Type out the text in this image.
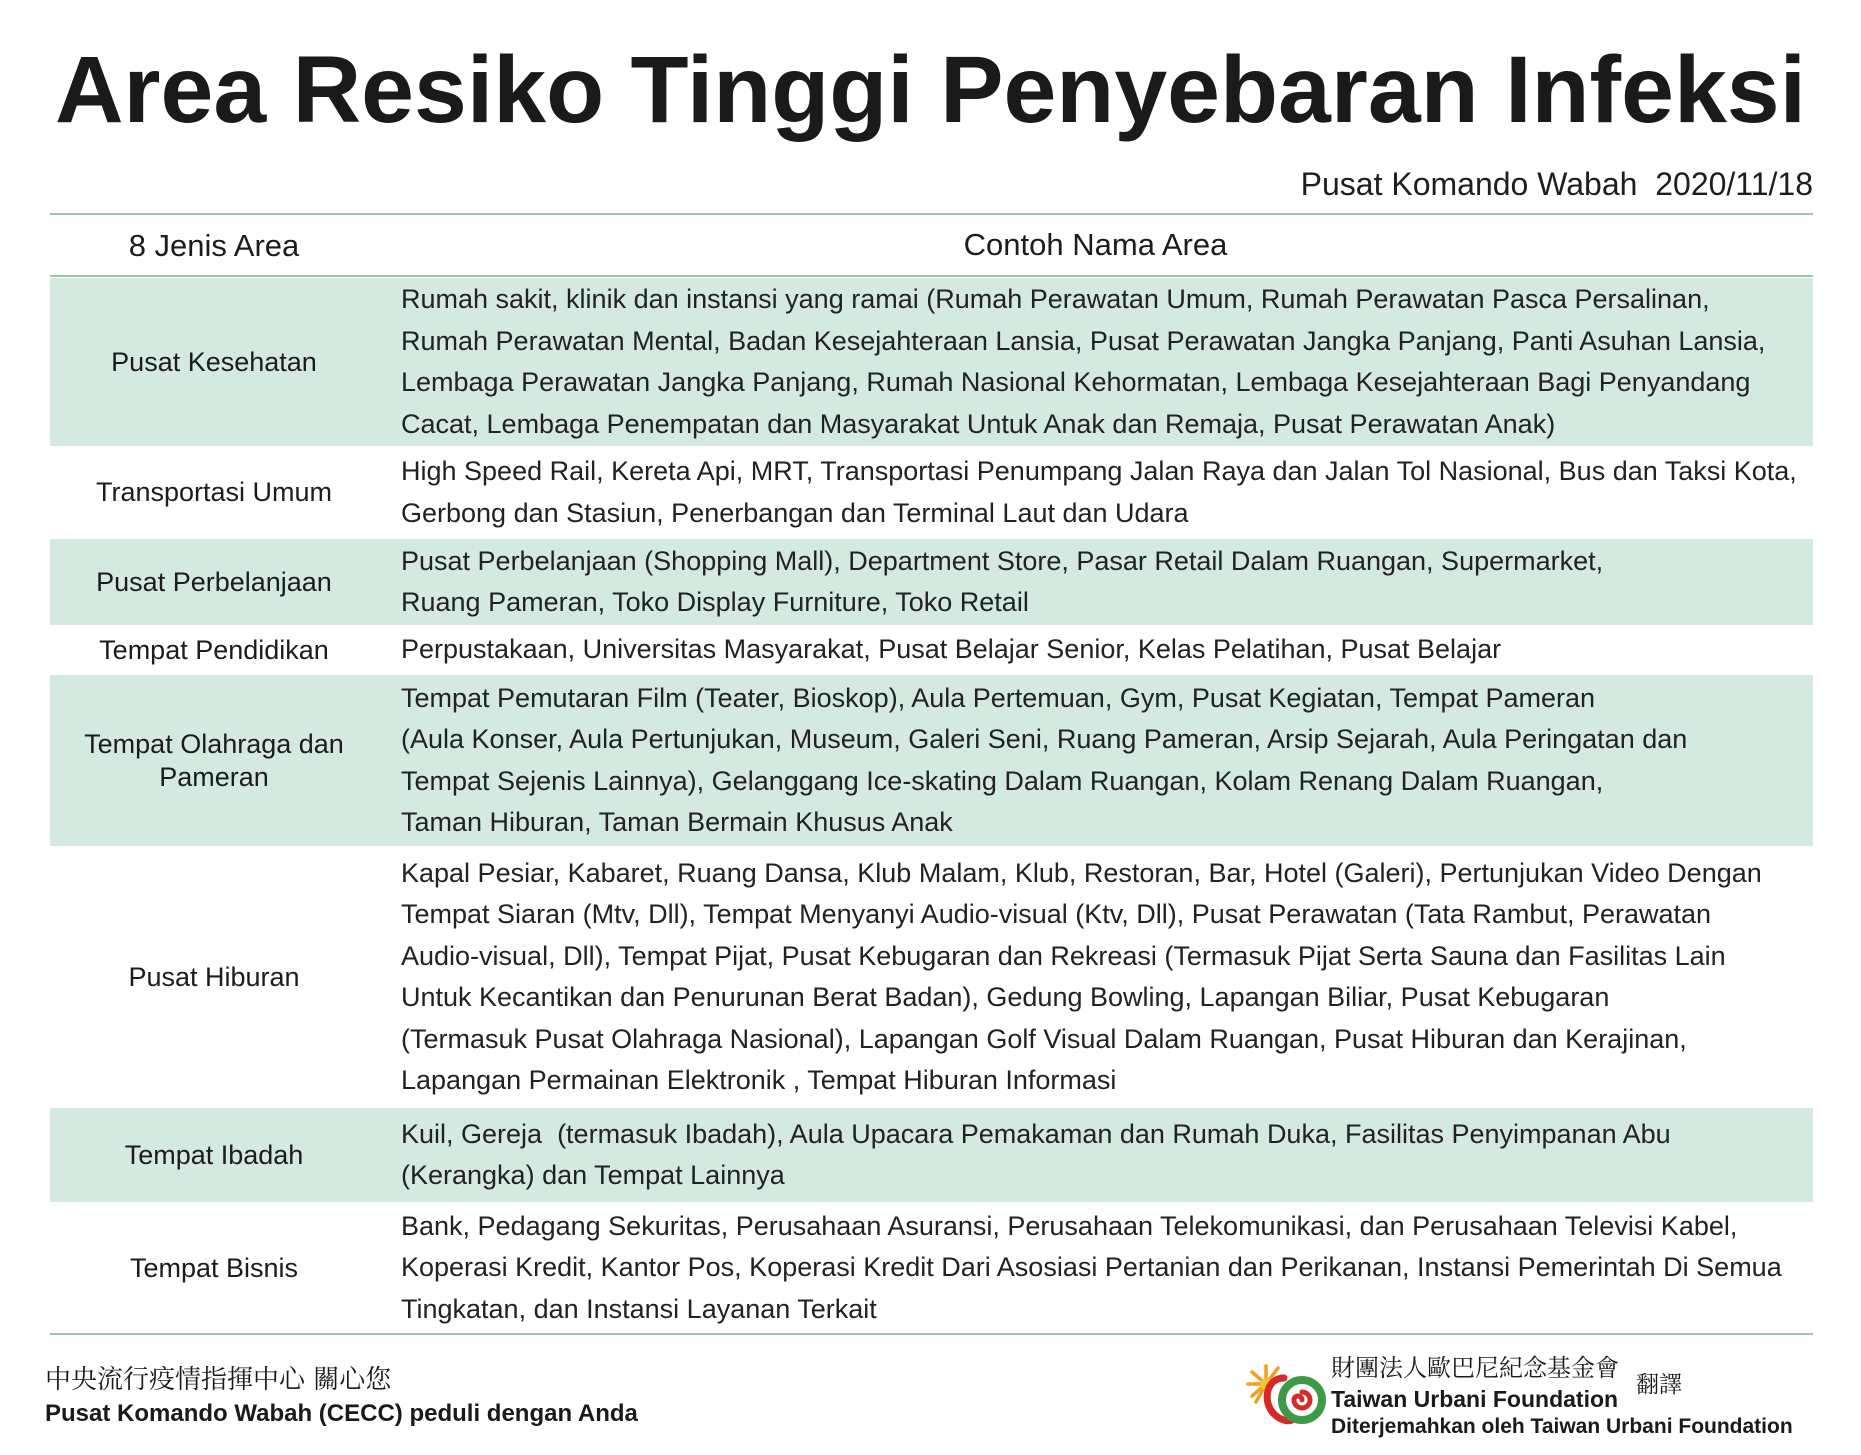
Area Resiko Tinggi Penyebaran Infeksi
Pusat Komando Wabah  2020/11/18
8 Jenis Area	Contoh Nama Area
Pusat Kesehatan
Rumah sakit, klinik dan instansi yang ramai (Rumah Perawatan Umum, Rumah Perawatan Pasca Persalinan,
Rumah Perawatan Mental, Badan Kesejahteraan Lansia, Pusat Perawatan Jangka Panjang, Panti Asuhan Lansia,
Lembaga Perawatan Jangka Panjang, Rumah Nasional Kehormatan, Lembaga Kesejahteraan Bagi Penyandang
Cacat, Lembaga Penempatan dan Masyarakat Untuk Anak dan Remaja, Pusat Perawatan Anak)
Transportasi Umum
High Speed Rail, Kereta Api, MRT, Transportasi Penumpang Jalan Raya dan Jalan Tol Nasional, Bus dan Taksi Kota,
Gerbong dan Stasiun, Penerbangan dan Terminal Laut dan Udara
Pusat Perbelanjaan
Pusat Perbelanjaan (Shopping Mall), Department Store, Pasar Retail Dalam Ruangan, Supermarket,
Ruang Pameran, Toko Display Furniture, Toko Retail
Tempat Pendidikan	Perpustakaan, Universitas Masyarakat, Pusat Belajar Senior, Kelas Pelatihan, Pusat Belajar
Tempat Olahraga dan Pameran
Tempat Pemutaran Film (Teater, Bioskop), Aula Pertemuan, Gym, Pusat Kegiatan, Tempat Pameran
(Aula Konser, Aula Pertunjukan, Museum, Galeri Seni, Ruang Pameran, Arsip Sejarah, Aula Peringatan dan
Tempat Sejenis Lainnya), Gelanggang Ice-skating Dalam Ruangan, Kolam Renang Dalam Ruangan,
Taman Hiburan, Taman Bermain Khusus Anak
Pusat Hiburan
Kapal Pesiar, Kabaret, Ruang Dansa, Klub Malam, Klub, Restoran, Bar, Hotel (Galeri), Pertunjukan Video Dengan
Tempat Siaran (Mtv, Dll), Tempat Menyanyi Audio-visual (Ktv, Dll), Pusat Perawatan (Tata Rambut, Perawatan
Audio-visual, Dll), Tempat Pijat, Pusat Kebugaran dan Rekreasi (Termasuk Pijat Serta Sauna dan Fasilitas Lain
Untuk Kecantikan dan Penurunan Berat Badan), Gedung Bowling, Lapangan Biliar, Pusat Kebugaran
(Termasuk Pusat Olahraga Nasional), Lapangan Golf Visual Dalam Ruangan, Pusat Hiburan dan Kerajinan,
Lapangan Permainan Elektronik , Tempat Hiburan Informasi
Tempat Ibadah
Kuil, Gereja  (termasuk Ibadah), Aula Upacara Pemakaman dan Rumah Duka, Fasilitas Penyimpanan Abu
(Kerangka) dan Tempat Lainnya
Tempat Bisnis
Bank, Pedagang Sekuritas, Perusahaan Asuransi, Perusahaan Telekomunikasi, dan Perusahaan Televisi Kabel,
Koperasi Kredit, Kantor Pos, Koperasi Kredit Dari Asosiasi Pertanian dan Perikanan, Instansi Pemerintah Di Semua
Tingkatan, dan Instansi Layanan Terkait
中央流行疫情指揮中心 關心您
Pusat Komando Wabah (CECC) peduli dengan Anda

財團法人歐巴尼紀念基金會
Taiwan Urbani Foundation
翻譯
Diterjemahkan oleh Taiwan Urbani Foundation
